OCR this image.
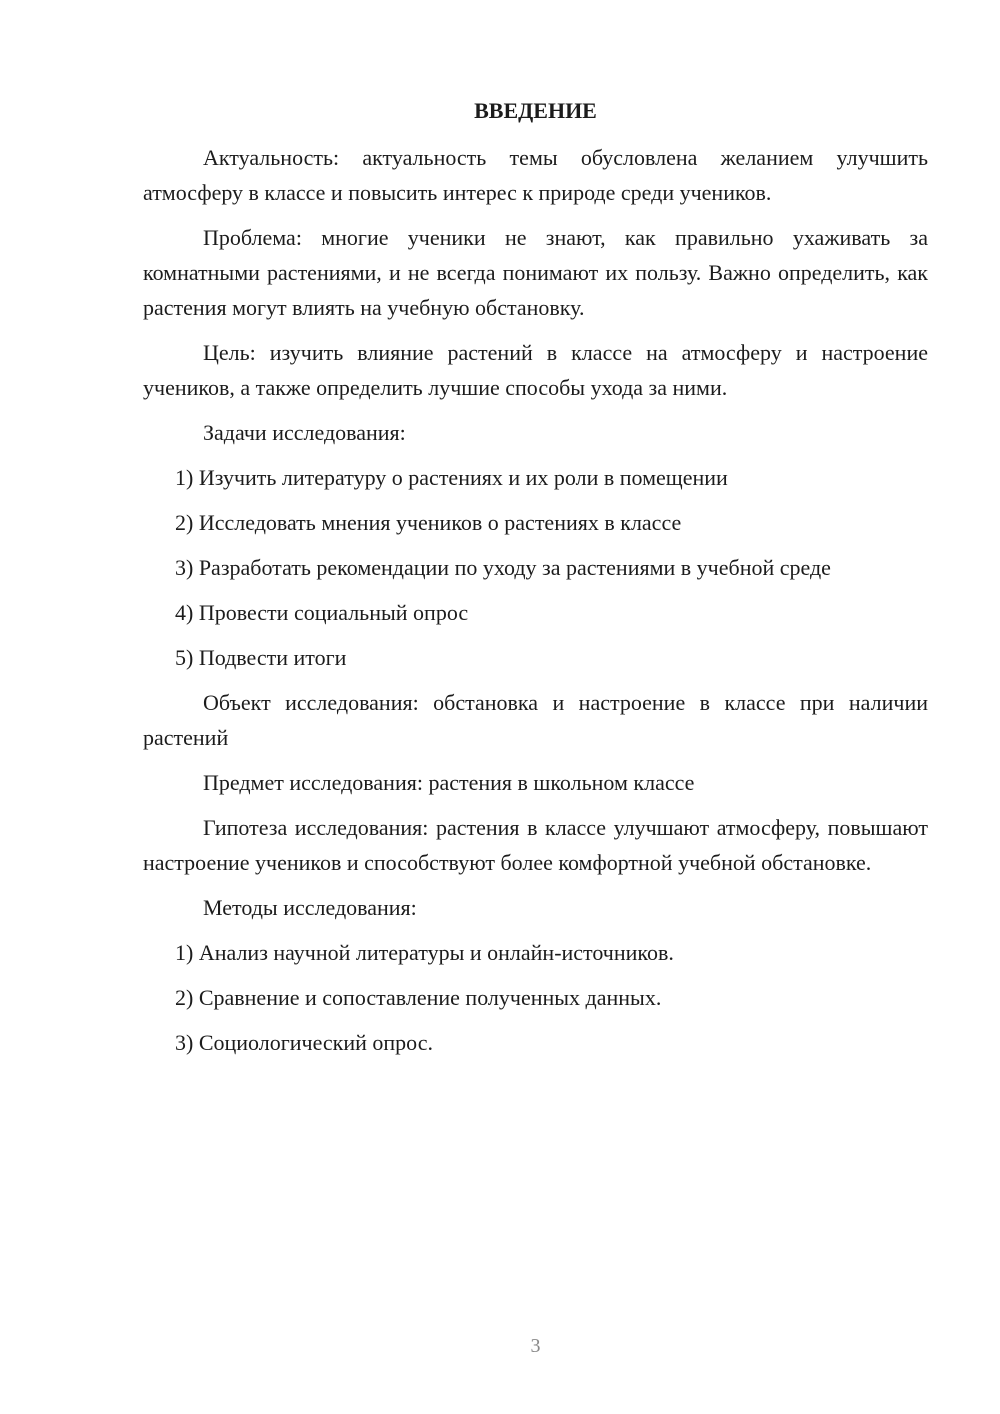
ВВЕДЕНИЕ

Актуальность: актуальность темы обусловлена желанием улучшить атмосферу в классе и повысить интерес к природе среди учеников.

Проблема: многие ученики не знают, как правильно ухаживать за комнатными растениями, и не всегда понимают их пользу. Важно определить, как растения могут влиять на учебную обстановку.

Цель: изучить влияние растений в классе на атмосферу и настроение учеников, а также определить лучшие способы ухода за ними.

Задачи исследования:

1) Изучить литературу о растениях и их роли в помещении

2) Исследовать мнения учеников о растениях в классе

3) Разработать рекомендации по уходу за растениями в учебной среде

4) Провести социальный опрос

5) Подвести итоги

Объект исследования: обстановка и настроение в классе при наличии растений

Предмет исследования: растения в школьном классе

Гипотеза исследования: растения в классе улучшают атмосферу, повышают настроение учеников и способствуют более комфортной учебной обстановке.

Методы исследования:

1) Анализ научной литературы и онлайн-источников.

2) Сравнение и сопоставление полученных данных.

3) Социологический опрос.

3
